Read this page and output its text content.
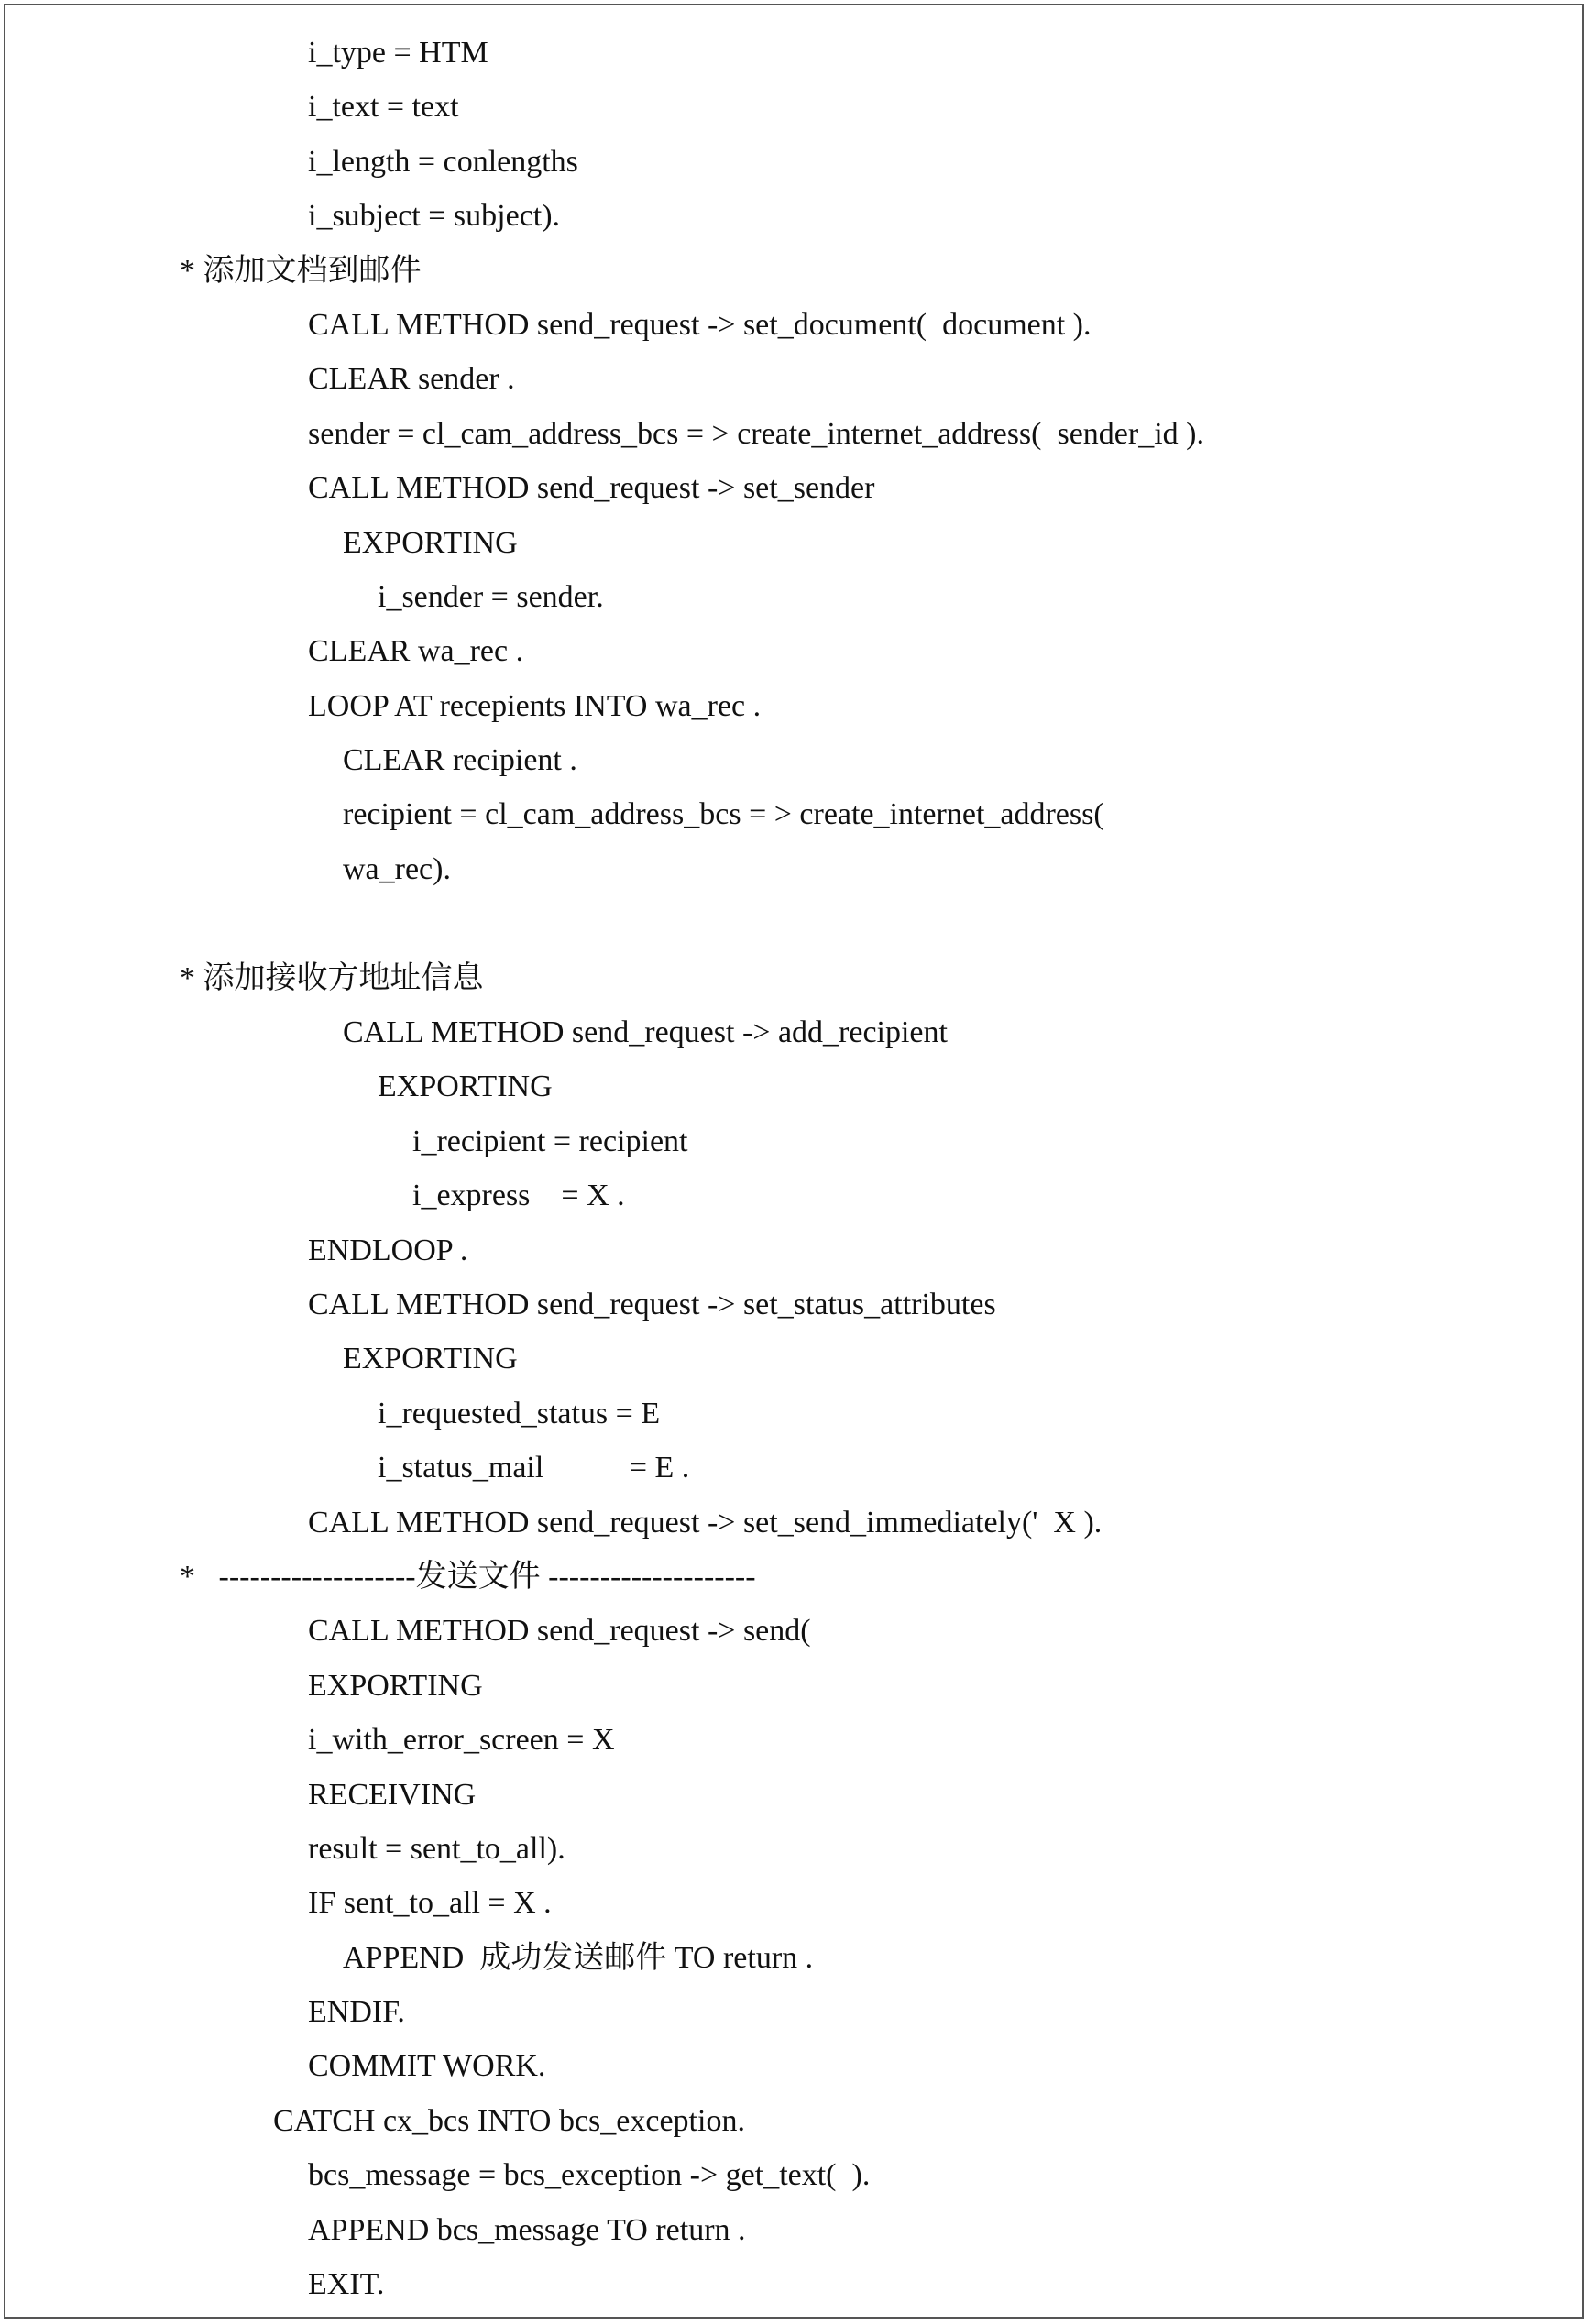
i_type = HTM
i_text = text
i_length = conlengths
i_subject = subject).
* 添加文档到邮件
CALL METHOD send_request -> set_document(  document ).
CLEAR sender .
sender = cl_cam_address_bcs = > create_internet_address(  sender_id ).
CALL METHOD send_request -> set_sender
EXPORTING
i_sender = sender.
CLEAR wa_rec .
LOOP AT recepients INTO wa_rec .
CLEAR recipient .
recipient = cl_cam_address_bcs = > create_internet_address(
wa_rec).
* 添加接收方地址信息
CALL METHOD send_request -> add_recipient
EXPORTING
i_recipient = recipient
i_express    = X .
ENDLOOP .
CALL METHOD send_request -> set_status_attributes
EXPORTING
i_requested_status = E
i_status_mail           = E .
CALL METHOD send_request -> set_send_immediately('  X ).
*   -------------------发送文件 --------------------
CALL METHOD send_request -> send(
EXPORTING
i_with_error_screen = X
RECEIVING
result = sent_to_all).
IF sent_to_all = X .
APPEND  成功发送邮件 TO return .
ENDIF.
COMMIT WORK.
CATCH cx_bcs INTO bcs_exception.
bcs_message = bcs_exception -> get_text(  ).
APPEND bcs_message TO return .
EXIT.
